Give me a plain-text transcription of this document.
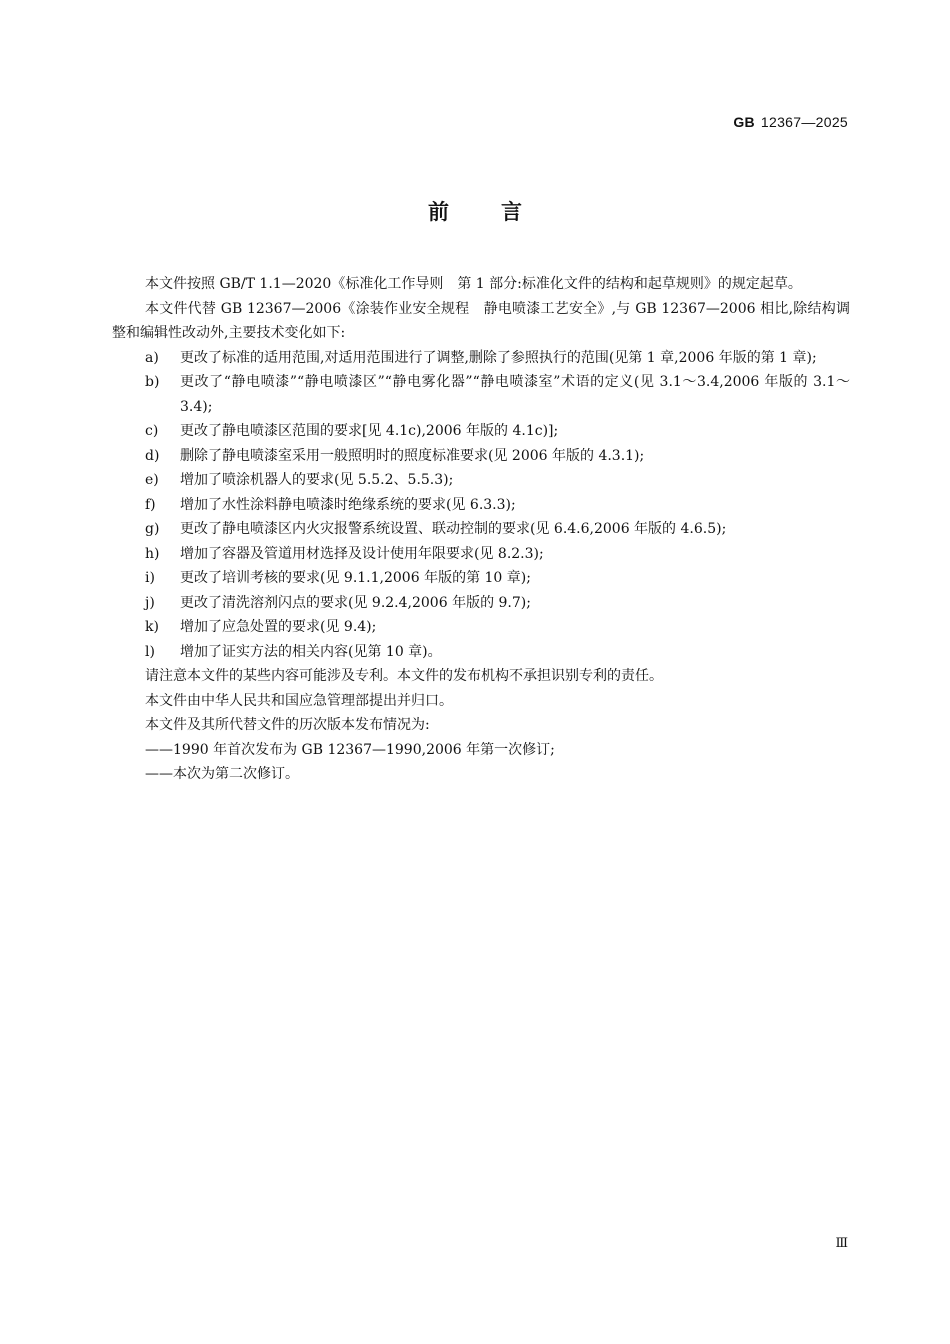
GB 12367—2025
前言

本文件按照 GB/T 1.1—2020《标准化工作导则　第 1 部分:标准化文件的结构和起草规则》的规定起草。

本文件代替 GB 12367—2006《涂装作业安全规程　静电喷漆工艺安全》,与 GB 12367—2006 相比,除结构调整和编辑性改动外,主要技术变化如下:

a) 更改了标准的适用范围,对适用范围进行了调整,删除了参照执行的范围(见第 1 章,2006 年版的第 1 章);

b) 更改了“静电喷漆”“静电喷漆区”“静电雾化器”“静电喷漆室”术语的定义(见 3.1～3.4,2006 年版的 3.1～3.4);

c) 更改了静电喷漆区范围的要求[见 4.1c),2006 年版的 4.1c)];

d) 删除了静电喷漆室采用一般照明时的照度标准要求(见 2006 年版的 4.3.1);

e) 增加了喷涂机器人的要求(见 5.5.2、5.5.3);

f) 增加了水性涂料静电喷漆时绝缘系统的要求(见 6.3.3);

g) 更改了静电喷漆区内火灾报警系统设置、联动控制的要求(见 6.4.6,2006 年版的 4.6.5);

h) 增加了容器及管道用材选择及设计使用年限要求(见 8.2.3);

i) 更改了培训考核的要求(见 9.1.1,2006 年版的第 10 章);

j) 更改了清洗溶剂闪点的要求(见 9.2.4,2006 年版的 9.7);

k) 增加了应急处置的要求(见 9.4);

l) 增加了证实方法的相关内容(见第 10 章)。

请注意本文件的某些内容可能涉及专利。本文件的发布机构不承担识别专利的责任。

本文件由中华人民共和国应急管理部提出并归口。

本文件及其所代替文件的历次版本发布情况为:

——1990 年首次发布为 GB 12367—1990,2006 年第一次修订;

——本次为第二次修订。

Ⅲ
